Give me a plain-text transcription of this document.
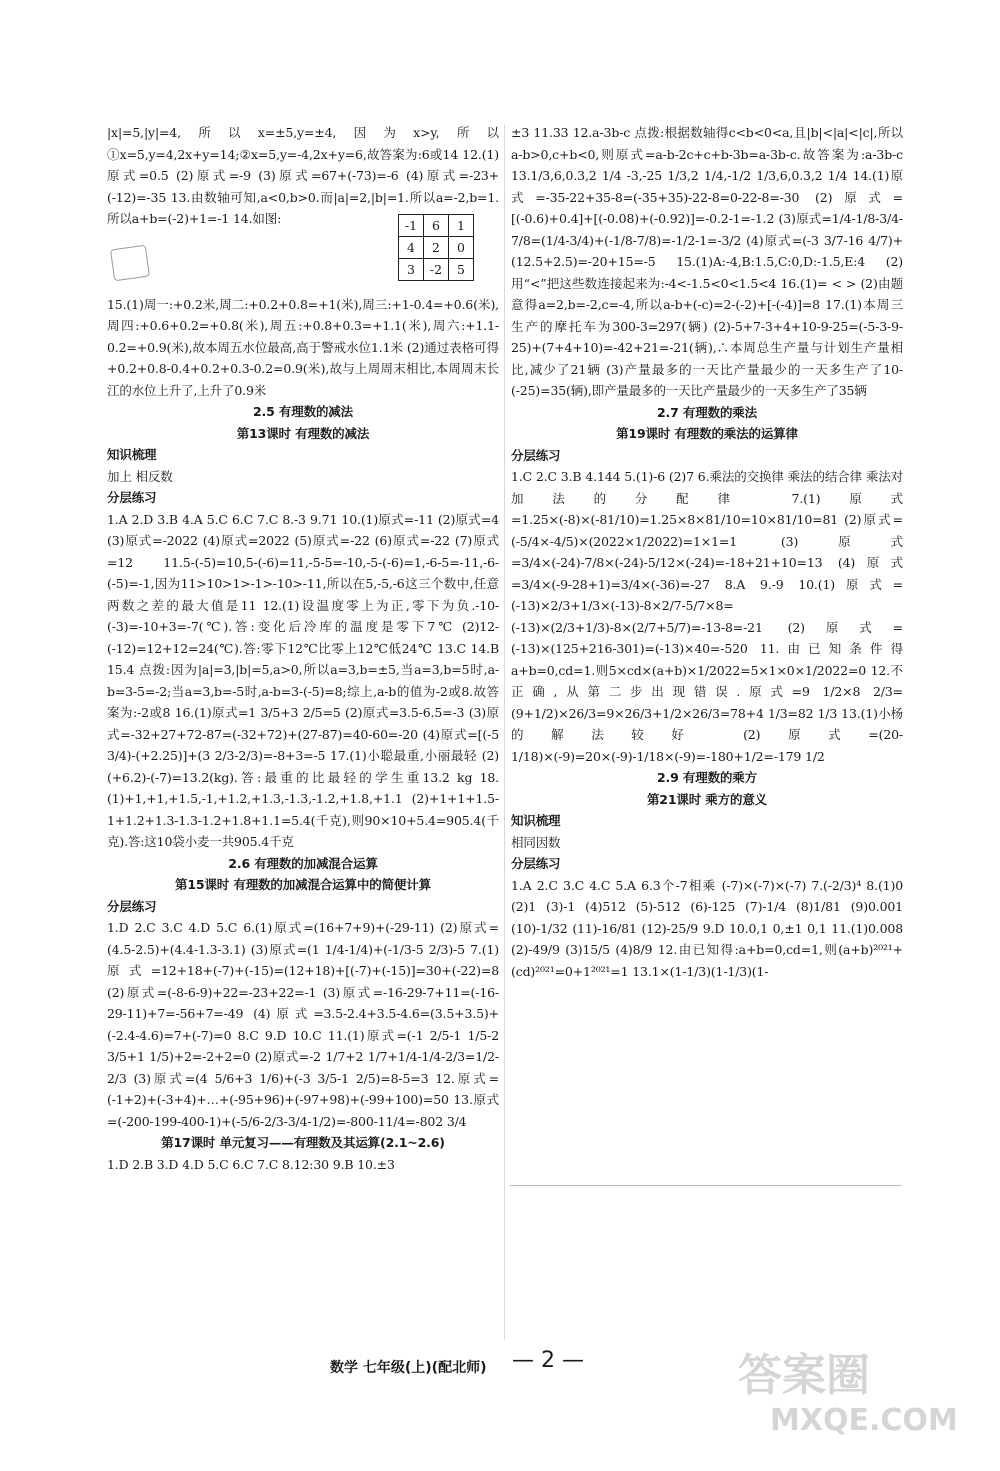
|x|=5,|y|=4,所以x=±5,y=±4,因为x>y,所以①x=5,y=4,2x+y=14;②x=5,y=-4,2x+y=6,故答案为:6或14 12.(1)原式=0.5 (2)原式=-9 (3)原式=67+(-73)=-6 (4)原式=-23+(-12)=-35 13.由数轴可知,a<0,b>0.而|a|=2,|b|=1.所以a=-2,b=1.所以a+b=(-2)+1=-1 14.如图:

15.(1)周一:+0.2米,周二:+0.2+0.8=+1(米),周三:+1-0.4=+0.6(米),周四:+0.6+0.2=+0.8(米),周五:+0.8+0.3=+1.1(米),周六:+1.1-0.2=+0.9(米),故本周五水位最高,高于警戒水位1.1米 (2)通过表格可得+0.2+0.8-0.4+0.2+0.3-0.2=0.9(米),故与上周周末相比,本周周末长江的水位上升了,上升了0.9米

2.5 有理数的减法
第13课时 有理数的减法
知识梳理

加上 相反数

分层练习

1.A 2.D 3.B 4.A 5.C 6.C 7.C 8.-3 9.71 10.(1)原式=-11 (2)原式=4 (3)原式=-2022 (4)原式=2022 (5)原式=-22 (6)原式=-22 (7)原式=12 11.5-(-5)=10,5-(-6)=11,-5-5=-10,-5-(-6)=1,-6-5=-11,-6-(-5)=-1,因为11>10>1>-1>-10>-11,所以在5,-5,-6这三个数中,任意两数之差的最大值是11 12.(1)设温度零上为正,零下为负.-10-(-3)=-10+3=-7(℃).答:变化后冷库的温度是零下7℃ (2)12-(-12)=12+12=24(℃).答:零下12℃比零上12℃低24℃ 13.C 14.B 15.4 点拨:因为|a|=3,|b|=5,a>0,所以a=3,b=±5,当a=3,b=5时,a-b=3-5=-2;当a=3,b=-5时,a-b=3-(-5)=8;综上,a-b的值为-2或8.故答案为:-2或8 16.(1)原式=1 3/5+3 2/5=5 (2)原式=3.5-6.5=-3 (3)原式=-32+27+72-87=(-32+72)+(27-87)=40-60=-20 (4)原式=[(-5 3/4)-(+2.25)]+(3 2/3-2/3)=-8+3=-5 17.(1)小聪最重,小丽最轻 (2)(+6.2)-(-7)=13.2(kg).答:最重的比最轻的学生重13.2 kg 18.(1)+1,+1,+1.5,-1,+1.2,+1.3,-1.3,-1.2,+1.8,+1.1 (2)+1+1+1.5-1+1.2+1.3-1.3-1.2+1.8+1.1=5.4(千克),则90×10+5.4=905.4(千克).答:这10袋小麦一共905.4千克

2.6 有理数的加减混合运算
第15课时 有理数的加减混合运算中的简便计算
分层练习

1.D 2.C 3.C 4.D 5.C 6.(1)原式=(16+7+9)+(-29-11) (2)原式=(4.5-2.5)+(4.4-1.3-3.1) (3)原式=(1 1/4-1/4)+(-1/3-5 2/3)-5 7.(1)原式=12+18+(-7)+(-15)=(12+18)+[(-7)+(-15)]=30+(-22)=8 (2)原式=(-8-6-9)+22=-23+22=-1 (3)原式=-16-29-7+11=(-16-29-11)+7=-56+7=-49 (4)原式=3.5-2.4+3.5-4.6=(3.5+3.5)+(-2.4-4.6)=7+(-7)=0 8.C 9.D 10.C 11.(1)原式=(-1 2/5-1 1/5-2 3/5+1 1/5)+2=-2+2=0 (2)原式=-2 1/7+2 1/7+1/4-1/4-2/3=1/2-2/3 (3)原式=(4 5/6+3 1/6)+(-3 3/5-1 2/5)=8-5=3 12.原式=(-1+2)+(-3+4)+…+(-95+96)+(-97+98)+(-99+100)=50 13.原式=(-200-199-400-1)+(-5/6-2/3-3/4-1/2)=-800-11/4=-802 3/4

第17课时 单元复习——有理数及其运算(2.1~2.6)

1.D 2.B 3.D 4.D 5.C 6.C 7.C 8.12:30 9.B 10.±3

±3 11.33 12.a-3b-c 点拨:根据数轴得c<b<0<a,且|b|<|a|<|c|,所以a-b>0,c+b<0,则原式=a-b-2c+c+b-3b=a-3b-c.故答案为:a-3b-c 13.1/3,6,0.3,2 1/4 -3,-25 1/3,2 1/4,-1/2 1/3,6,0.3,2 1/4 14.(1)原式=-35-22+35-8=(-35+35)-22-8=0-22-8=-30 (2)原式=[(-0.6)+0.4]+[(-0.08)+(-0.92)]=-0.2-1=-1.2 (3)原式=1/4-1/8-3/4-7/8=(1/4-3/4)+(-1/8-7/8)=-1/2-1=-3/2 (4)原式=(-3 3/7-16 4/7)+(12.5+2.5)=-20+15=-5 15.(1)A:-4,B:1.5,C:0,D:-1.5,E:4 (2)用“<”把这些数连接起来为:-4<-1.5<0<1.5<4 16.(1)= < > (2)由题意得a=2,b=-2,c=-4,所以a-b+(-c)=2-(-2)+[-(-4)]=8 17.(1)本周三生产的摩托车为300-3=297(辆) (2)-5+7-3+4+10-9-25=(-5-3-9-25)+(7+4+10)=-42+21=-21(辆),∴本周总生产量与计划生产量相比,减少了21辆 (3)产量最多的一天比产量最少的一天多生产了10-(-25)=35(辆),即产量最多的一天比产量最少的一天多生产了35辆

2.7 有理数的乘法
第19课时 有理数的乘法的运算律
分层练习

1.C 2.C 3.B 4.144 5.(1)-6 (2)7 6.乘法的交换律 乘法的结合律 乘法对加法的分配律 7.(1)原式=1.25×(-8)×(-81/10)=1.25×8×81/10=10×81/10=81 (2)原式=(-5/4×-4/5)×(2022×1/2022)=1×1=1 (3)原式=3/4×(-24)-7/8×(-24)-5/12×(-24)=-18+21+10=13 (4)原式=3/4×(-9-28+1)=3/4×(-36)=-27 8.A 9.-9 10.(1)原式=(-13)×2/3+1/3×(-13)-8×2/7-5/7×8=(-13)×(2/3+1/3)-8×(2/7+5/7)=-13-8=-21 (2)原式=(-13)×(125+216-301)=(-13)×40=-520 11.由已知条件得a+b=0,cd=1.则5×cd×(a+b)×1/2022=5×1×0×1/2022=0 12.不正确,从第二步出现错误.原式=9 1/2×8 2/3=(9+1/2)×26/3=9×26/3+1/2×26/3=78+4 1/3=82 1/3 13.(1)小杨的解法较好 (2)原式=(20-1/18)×(-9)=20×(-9)-1/18×(-9)=-180+1/2=-179 1/2

2.9 有理数的乘方
第21课时 乘方的意义
知识梳理

相同因数

分层练习

1.A 2.C 3.C 4.C 5.A 6.3个-7相乘 (-7)×(-7)×(-7) 7.(-2/3)⁴ 8.(1)0 (2)1 (3)-1 (4)512 (5)-512 (6)-125 (7)-1/4 (8)1/81 (9)0.001 (10)-1/32 (11)-16/81 (12)-25/9 9.D 10.0,1 0,±1 0,1 11.(1)0.008 (2)-49/9 (3)15/5 (4)8/9 12.由已知得:a+b=0,cd=1,则(a+b)²⁰²¹+(cd)²⁰²¹=0+1²⁰²¹=1 13.1×(1-1/3)(1-1/3)(1-

-1	6	1
4	2	0
3	-2	5
数学 七年级(上)(配北师) — 2 —	答案圈
MXQE.COM
